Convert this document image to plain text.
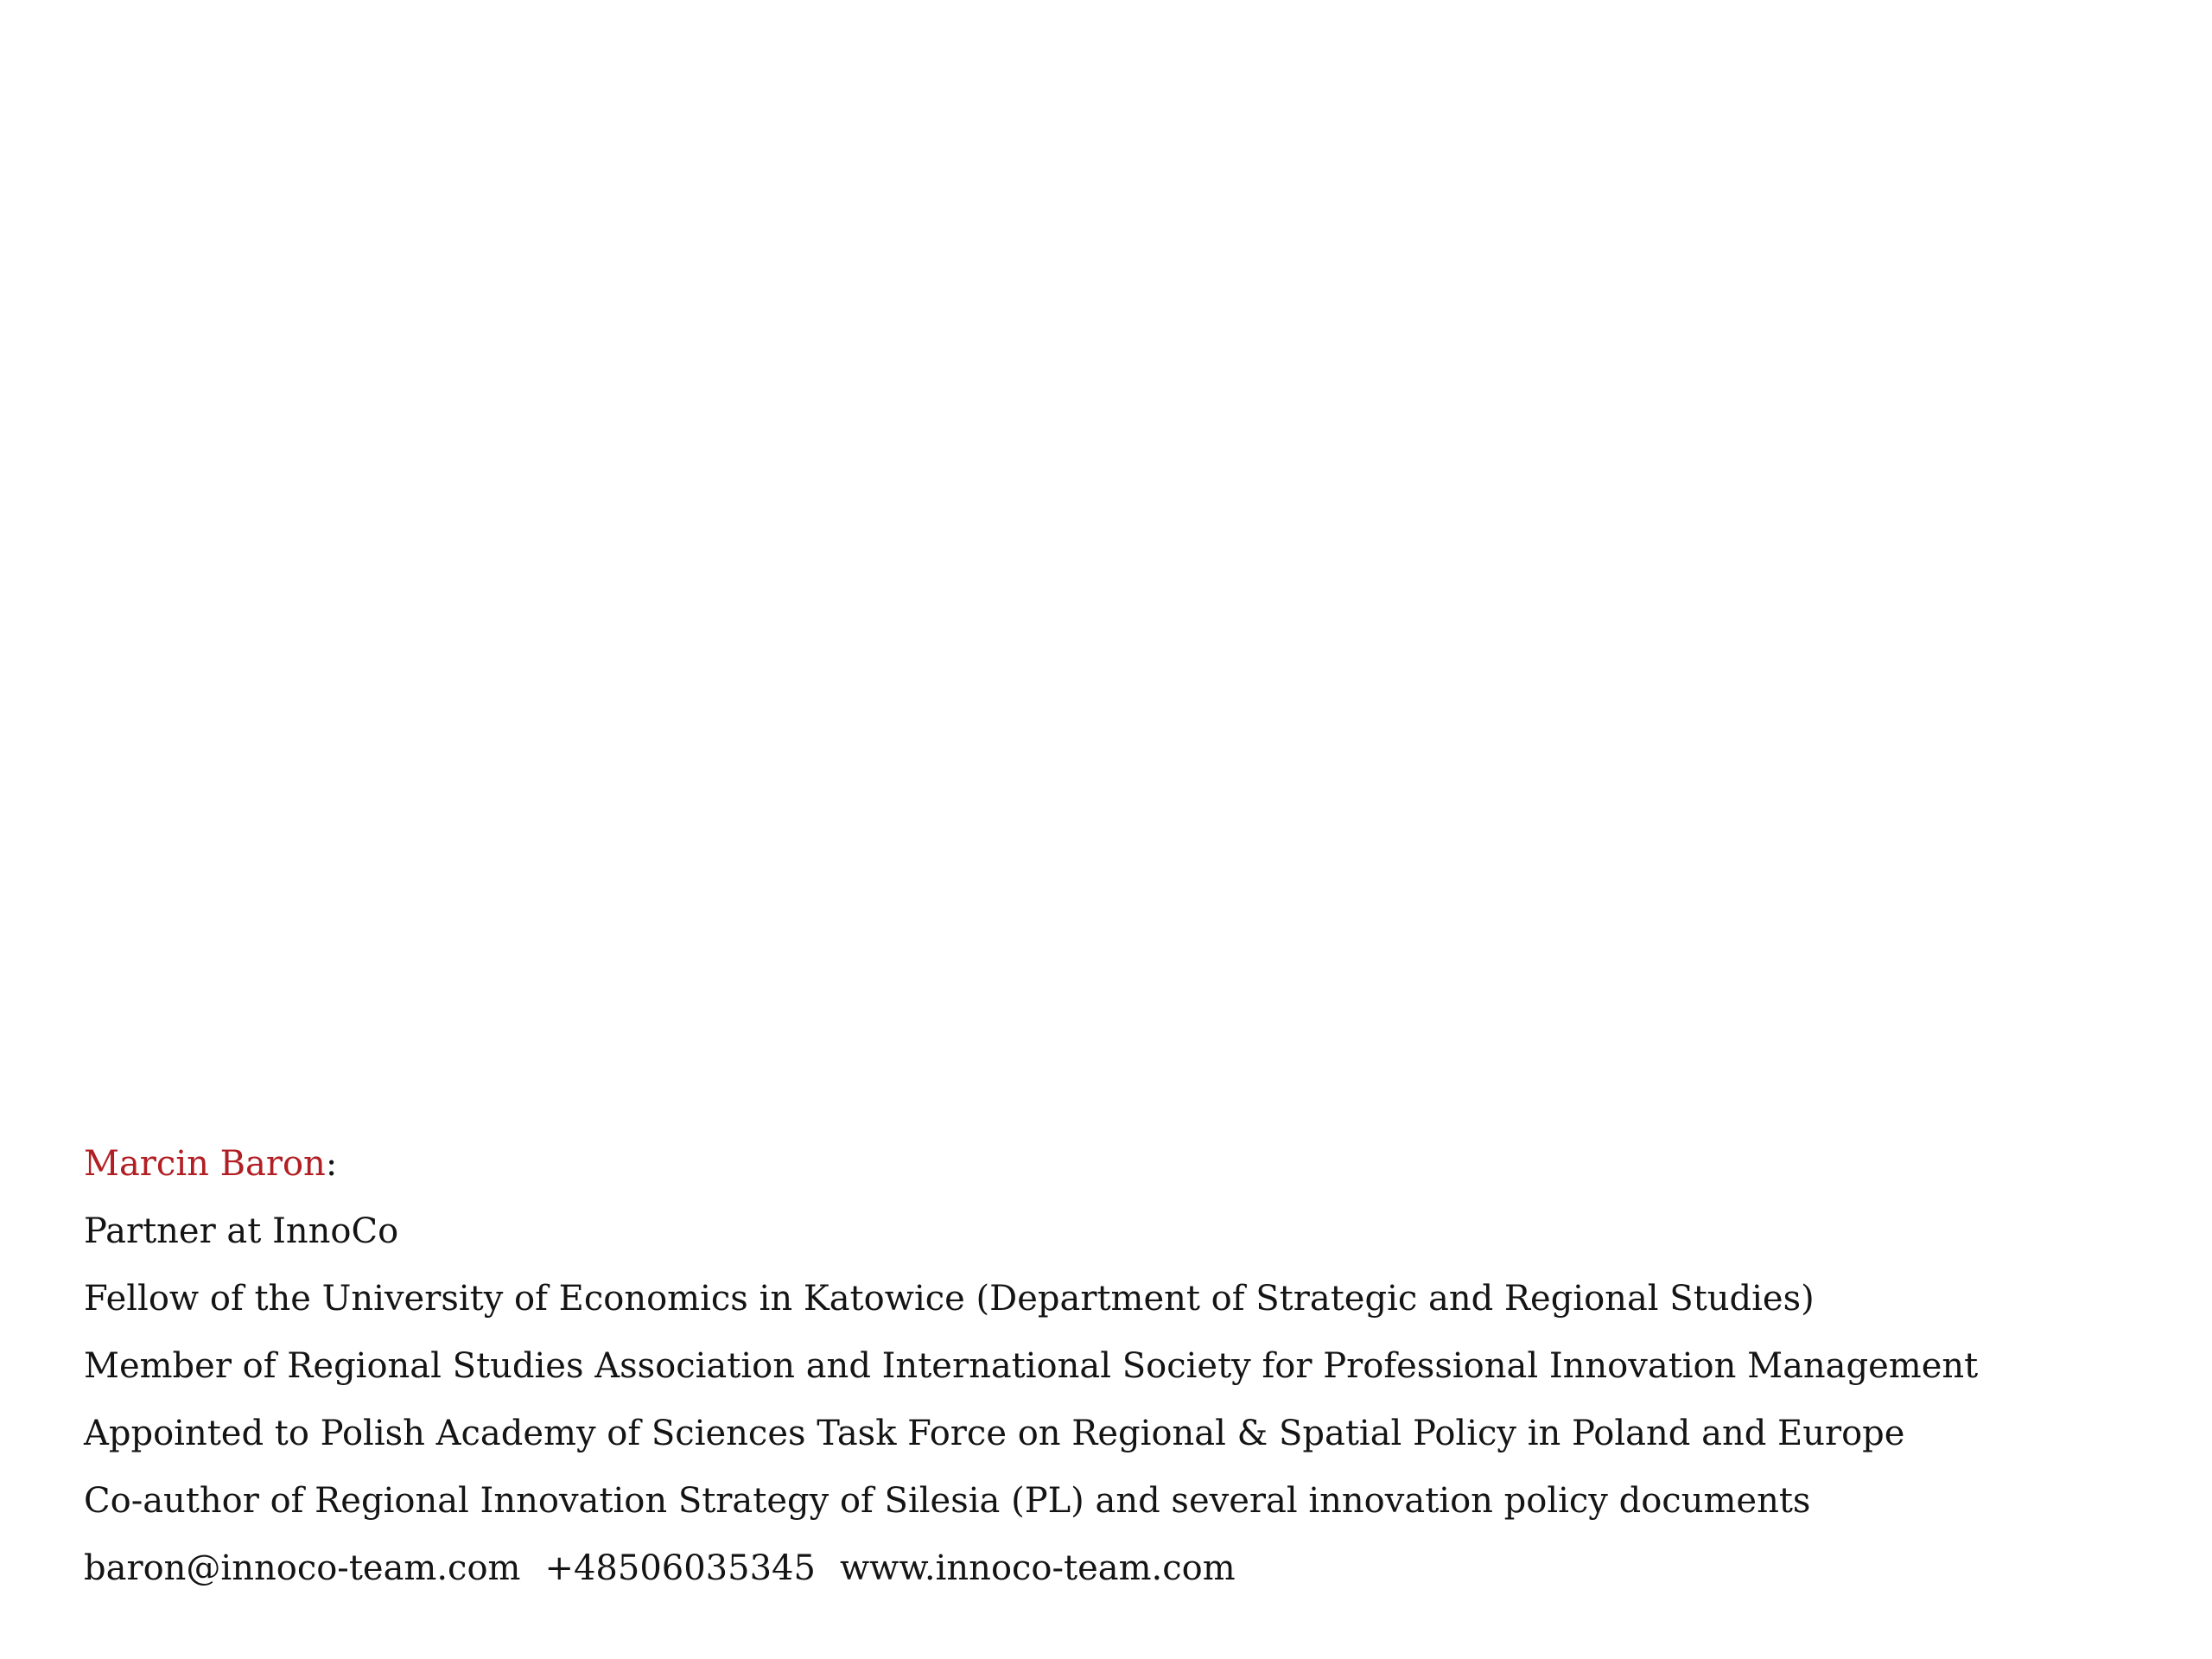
Marcin Baron:
Partner at InnoCo
Fellow of the University of Economics in Katowice (Department of Strategic and Regional Studies)
Member of Regional Studies Association and International Society for Professional Innovation Management
Appointed to Polish Academy of Sciences Task Force on Regional & Spatial Policy in Poland and Europe
Co-author of Regional Innovation Strategy of Silesia (PL) and several innovation policy documents
baron@innoco-team.com +48506035345 www.innoco-team.com
